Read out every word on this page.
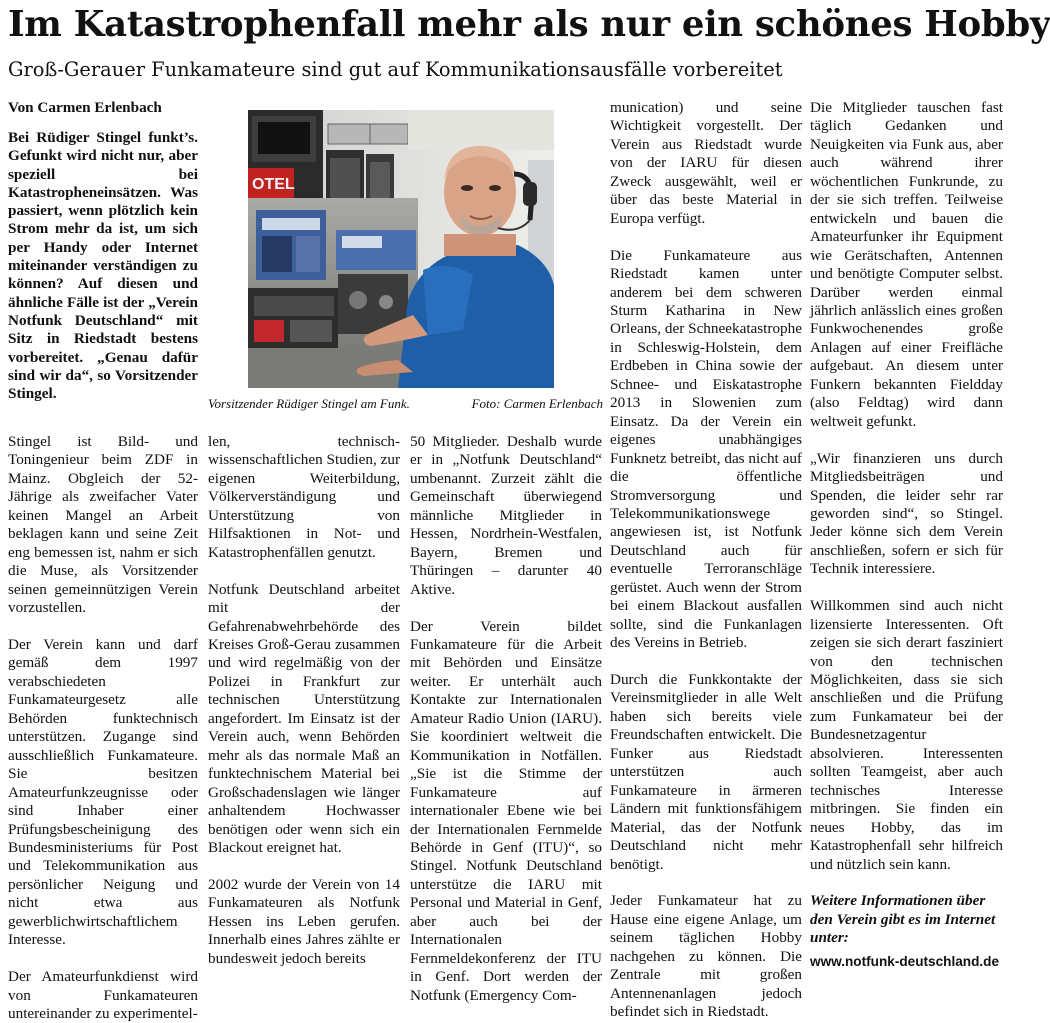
Im Katastrophenfall mehr als nur ein schönes Hobby
Groß-Gerauer Funkamateure sind gut auf Kommunikationsausfälle vorbereitet
Von Carmen Erlenbach
Bei Rüdiger Stingel funkt’s. Gefunkt wird nicht nur, aber speziell bei Katastropheneinsätzen. Was passiert, wenn plötzlich kein Strom mehr da ist, um sich per Handy oder Internet miteinander verständigen zu können? Auf diesen und ähnliche Fälle ist der „Verein Notfunk Deutschland“ mit Sitz in Riedstadt bestens vorbereitet. „Genau dafür sind wir da“, so Vorsitzender Stingel.
OTEL
Vorsitzender Rüdiger Stingel am Funk.	Foto: Carmen Erlenbach

Stingel ist Bild- und Toningenieur beim ZDF in Mainz. Obgleich der 52-Jährige als zweifacher Vater keinen Mangel an Arbeit beklagen kann und seine Zeit eng bemessen ist, nahm er sich die Muse, als Vorsitzender seinen gemeinnützigen Verein vorzustellen.

Der Verein kann und darf gemäß dem 1997 verabschiedeten Funkamateurgesetz alle Behörden funktechnisch unterstützen. Zugange sind ausschließlich Funkamateure. Sie besitzen Amateurfunkzeugnisse oder sind Inhaber einer Prüfungsbescheinigung des Bundesministeriums für Post und Telekommunikation aus persönlicher Neigung und nicht etwa aus gewerblichwirtschaftlichem Interesse.

Der Amateurfunkdienst wird von Funkamateuren untereinander zu experimentel-

len, technisch-wissenschaftlichen Studien, zur eigenen Weiterbildung, Völkerverständigung und Unterstützung von Hilfsaktionen in Not- und Katastrophenfällen genutzt.

Notfunk Deutschland arbeitet mit der Gefahrenabwehrbehörde des Kreises Groß-Gerau zusammen und wird regelmäßig von der Polizei in Frankfurt zur technischen Unterstützung angefordert. Im Einsatz ist der Verein auch, wenn Behörden mehr als das normale Maß an funktechnischem Material bei Großschadenslagen wie länger anhaltendem Hochwasser benötigen oder wenn sich ein Blackout ereignet hat.

2002 wurde der Verein von 14 Funkamateuren als Notfunk Hessen ins Leben gerufen. Innerhalb eines Jahres zählte er bundesweit jedoch bereits

50 Mitglieder. Deshalb wurde er in „Notfunk Deutschland“ umbenannt. Zurzeit zählt die Gemeinschaft überwiegend männliche Mitglieder in Hessen, Nordrhein-Westfalen, Bayern, Bremen und Thüringen – darunter 40 Aktive.

Der Verein bildet Funkamateure für die Arbeit mit Behörden und Einsätze weiter. Er unterhält auch Kontakte zur Internationalen Amateur Radio Union (IARU). Sie koordiniert weltweit die Kommunikation in Notfällen. „Sie ist die Stimme der Funkamateure auf internationaler Ebene wie bei der Internationalen Fernmelde Behörde in Genf (ITU)“, so Stingel. Notfunk Deutschland unterstütze die IARU mit Personal und Material in Genf, aber auch bei der Internationalen Fernmeldekonferenz der ITU in Genf. Dort werden der Notfunk (Emergency Com-

munication) und seine Wichtigkeit vorgestellt. Der Verein aus Riedstadt wurde von der IARU für diesen Zweck ausgewählt, weil er über das beste Material in Europa verfügt.

Die Funkamateure aus Riedstadt kamen unter anderem bei dem schweren Sturm Katharina in New Orleans, der Schneekatastrophe in Schleswig-Holstein, dem Erdbeben in China sowie der Schnee- und Eiskatastrophe 2013 in Slowenien zum Einsatz. Da der Verein ein eigenes unabhängiges Funknetz betreibt, das nicht auf die öffentliche Stromversorgung und Telekommunikationswege angewiesen ist, ist Notfunk Deutschland auch für eventuelle Terroranschläge gerüstet. Auch wenn der Strom bei einem Blackout ausfallen sollte, sind die Funkanlagen des Vereins in Betrieb.

Durch die Funkkontakte der Vereinsmitglieder in alle Welt haben sich bereits viele Freundschaften entwickelt. Die Funker aus Riedstadt unterstützen auch Funkamateure in ärmeren Ländern mit funktionsfähigem Material, das der Notfunk Deutschland nicht mehr benötigt.

Jeder Funkamateur hat zu Hause eine eigene Anlage, um seinem täglichen Hobby nachgehen zu können. Die Zentrale mit großen Antennenanlagen jedoch befindet sich in Riedstadt.

Die Mitglieder tauschen fast täglich Gedanken und Neuigkeiten via Funk aus, aber auch während ihrer wöchentlichen Funkrunde, zu der sie sich treffen. Teilweise entwickeln und bauen die Amateurfunker ihr Equipment wie Gerätschaften, Antennen und benötigte Computer selbst. Darüber werden einmal jährlich anlässlich eines großen Funkwochenendes große Anlagen auf einer Freifläche aufgebaut. An diesem unter Funkern bekannten Fieldday (also Feldtag) wird dann weltweit gefunkt.

„Wir finanzieren uns durch Mitgliedsbeiträgen und Spenden, die leider sehr rar geworden sind“, so Stingel. Jeder könne sich dem Verein anschließen, sofern er sich für Technik interessiere.

Willkommen sind auch nicht lizensierte Interessenten. Oft zeigen sie sich derart fasziniert von den technischen Möglichkeiten, dass sie sich anschließen und die Prüfung zum Funkamateur bei der Bundesnetzagentur absolvieren. Interessenten sollten Teamgeist, aber auch technisches Interesse mitbringen. Sie finden ein neues Hobby, das im Katastrophenfall sehr hilfreich und nützlich sein kann.

Weitere Informationen über den Verein gibt es im Internet unter:

www.notfunk-deutschland.de
